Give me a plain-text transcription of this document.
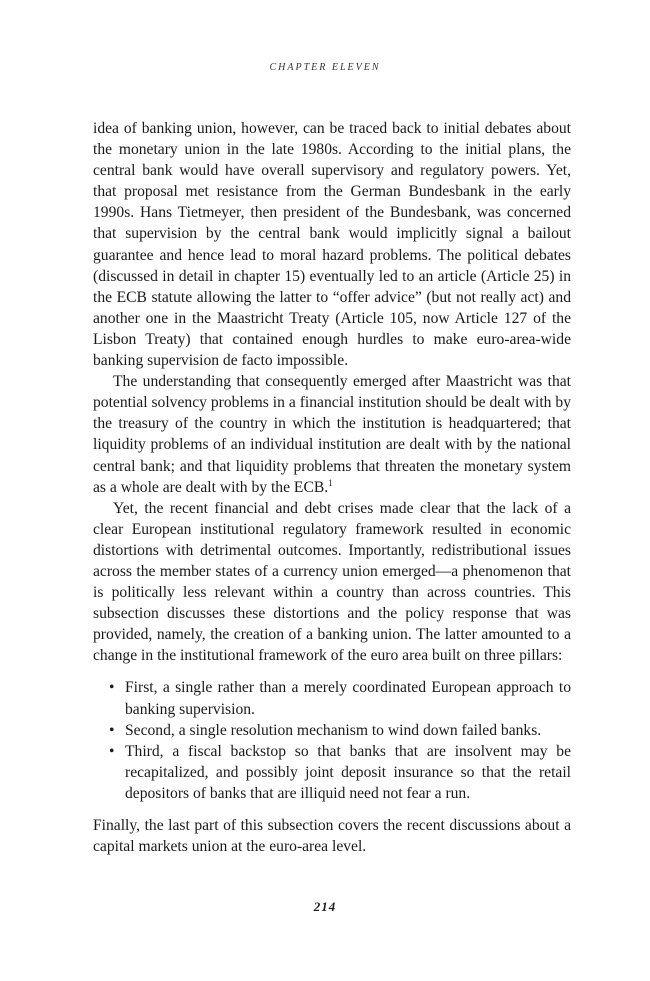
CHAPTER ELEVEN

idea of banking union, however, can be traced back to initial debates about the monetary union in the late 1980s. According to the initial plans, the central bank would have overall supervisory and regulatory powers. Yet, that proposal met resistance from the German Bundesbank in the early 1990s. Hans Tietmeyer, then president of the Bundesbank, was concerned that supervision by the central bank would implicitly signal a bailout guarantee and hence lead to moral hazard problems. The political debates (discussed in detail in chapter 15) eventually led to an article (Article 25) in the ECB statute allowing the latter to “offer advice” (but not really act) and another one in the Maastricht Treaty (Article 105, now Article 127 of the Lisbon Treaty) that contained enough hurdles to make euro-area-wide banking supervision de facto impossible.

The understanding that consequently emerged after Maastricht was that potential solvency problems in a financial institution should be dealt with by the treasury of the country in which the institution is headquartered; that liquidity problems of an individual institution are dealt with by the national central bank; and that liquidity problems that threaten the monetary system as a whole are dealt with by the ECB.$^1$

Yet, the recent financial and debt crises made clear that the lack of a clear European institutional regulatory framework resulted in economic distortions with detrimental outcomes. Importantly, redistributional issues across the member states of a currency union emerged—a phenomenon that is politically less relevant within a country than across countries. This subsection discusses these distortions and the policy response that was provided, namely, the creation of a banking union. The latter amounted to a change in the institutional framework of the euro area built on three pillars:

• First, a single rather than a merely coordinated European approach to banking supervision.
• Second, a single resolution mechanism to wind down failed banks.
• Third, a fiscal backstop so that banks that are insolvent may be recapitalized, and possibly joint deposit insurance so that the retail depositors of banks that are illiquid need not fear a run.

Finally, the last part of this subsection covers the recent discussions about a capital markets union at the euro-area level.

214
